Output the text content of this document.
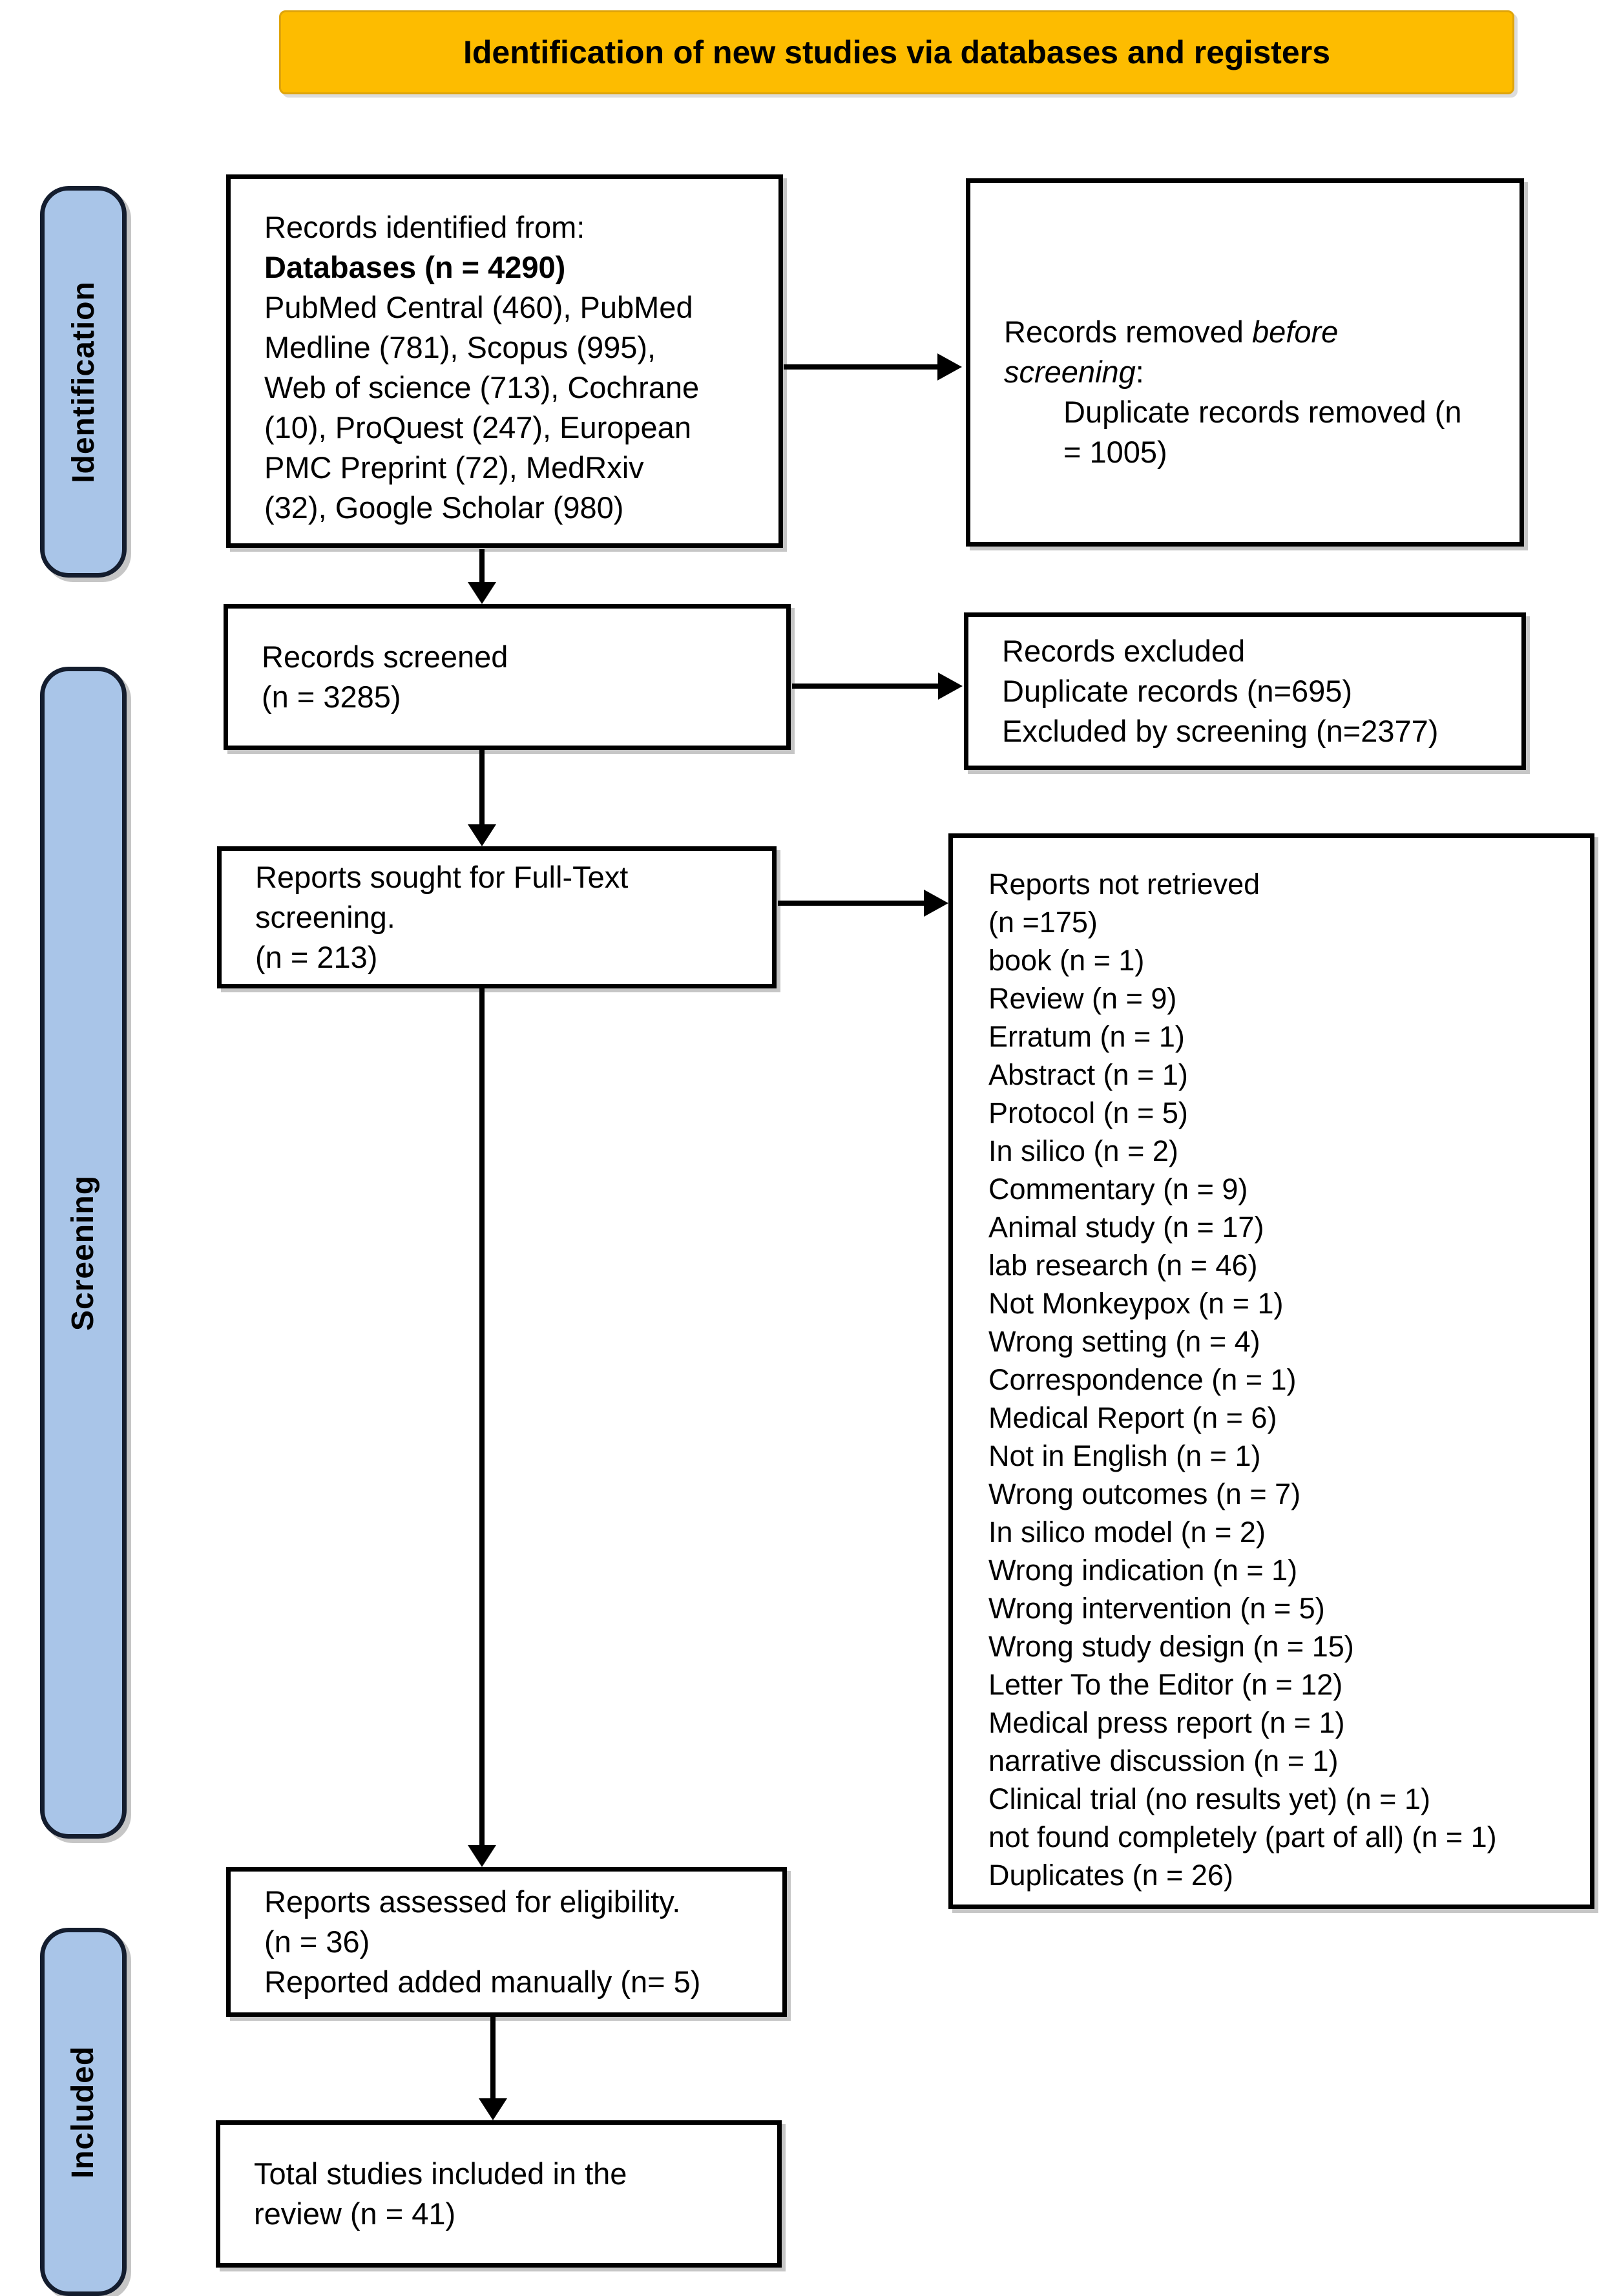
Identification of new studies via databases and registers
Identification
Screening
Included
Records identified from:
Databases (n = 4290)
PubMed Central (460), PubMed
Medline (781), Scopus (995),
Web of science (713), Cochrane
(10), ProQuest (247), European
PMC Preprint (72), MedRxiv
(32), Google Scholar (980)
Records removed before
screening:
Duplicate records removed (n
= 1005)
Records screened
(n = 3285)
Records excluded
Duplicate records (n=695)
Excluded by screening (n=2377)
Reports sought for Full-Text
screening.
(n = 213)
Reports not retrieved
(n =175)
book (n = 1)
Review (n = 9)
Erratum (n = 1)
Abstract (n = 1)
Protocol (n = 5)
In silico (n = 2)
Commentary (n = 9)
Animal study (n = 17)
lab research (n = 46)
Not Monkeypox (n = 1)
Wrong setting (n = 4)
Correspondence (n = 1)
Medical Report (n = 6)
Not in English (n = 1)
Wrong outcomes (n = 7)
In silico model (n = 2)
Wrong indication (n = 1)
Wrong intervention (n = 5)
Wrong study design (n = 15)
Letter To the Editor (n = 12)
Medical press report (n = 1)
narrative discussion (n = 1)
Clinical trial (no results yet) (n = 1)
not found completely (part of all) (n = 1)
Duplicates (n = 26)
Reports assessed for eligibility.
(n = 36)
Reported added manually (n= 5)
Total studies included in the
review (n = 41)
